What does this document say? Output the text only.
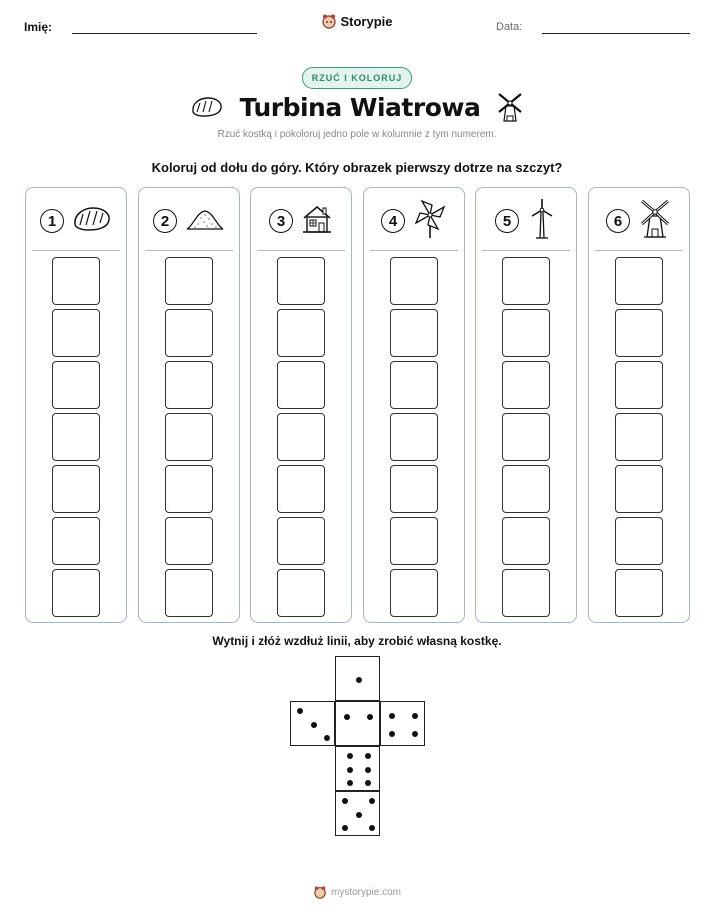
Imię:	Storypie	Data:
RZUĆ I KOLORUJ
Turbina Wiatrowa
Rzuć kostką i pokoloruj jedno pole w kolumnie z tym numerem.
Koloruj od dołu do góry. Który obrazek pierwszy dotrze na szczyt?
1	2	3	4	5	6
Wytnij i złóż wzdłuż linii, aby zrobić własną kostkę.
mystorypie.com
